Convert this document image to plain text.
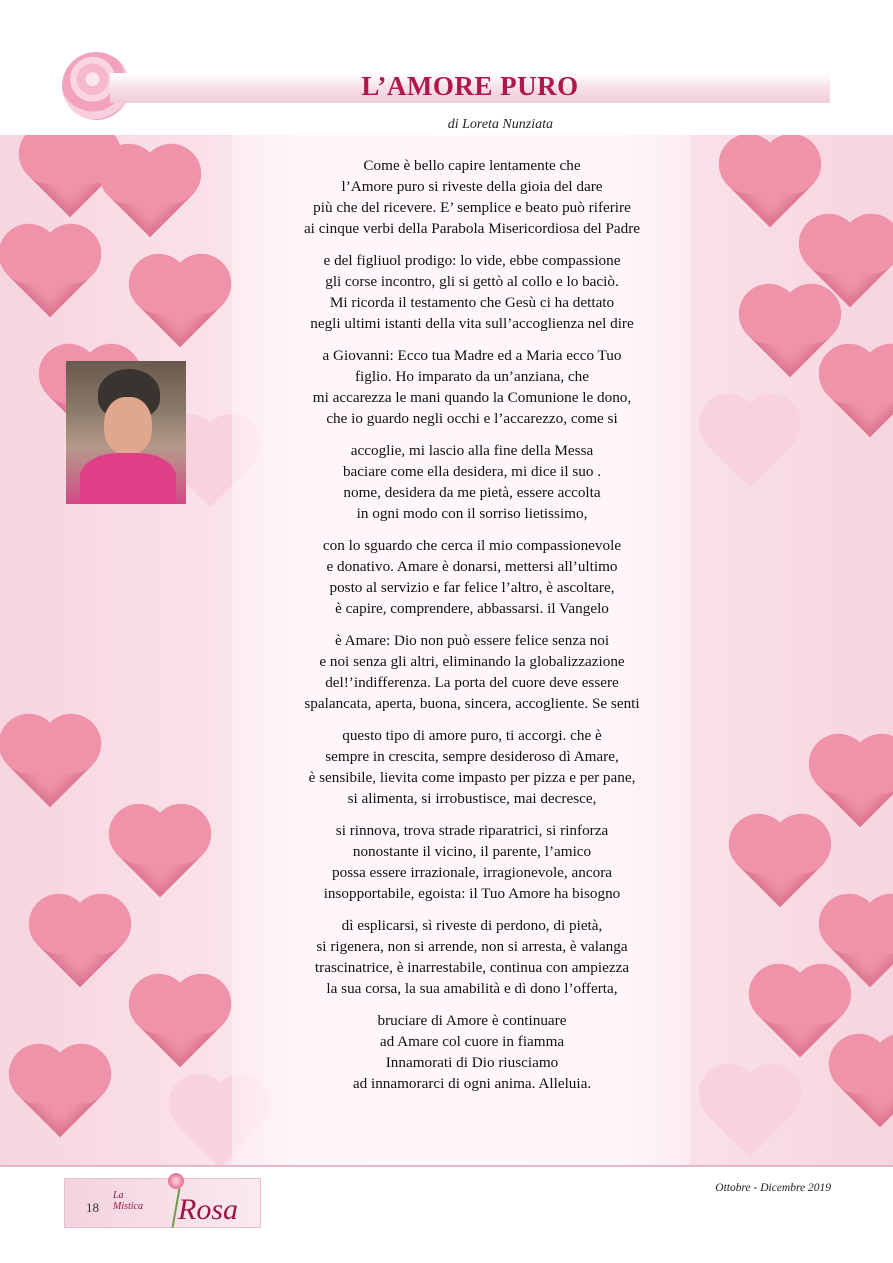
L’AMORE PURO

di Loreta Nunziata

Come è bello capire lentamente che
l’Amore puro si riveste della gioia del dare
più che del ricevere. E’ semplice e beato può riferire
ai cinque verbi della Parabola Misericordiosa del Padre

e del figliuol prodigo: lo vide, ebbe compassione
gli corse incontro, gli si gettò al collo e lo baciò.
Mi ricorda il testamento che Gesù ci ha dettato
negli ultimi istanti della vita sull’accoglienza nel dire

a Giovanni: Ecco tua Madre ed a Maria ecco Tuo
figlio. Ho imparato da un’anziana, che
mi accarezza le mani quando la Comunione le dono,
che io guardo negli occhi e l’accarezzo, come si

accoglie, mi lascio alla fine della Messa
baciare come ella desidera, mi dice il suo .
nome, desidera da me pietà, essere accolta
in ogni modo con il sorriso lietissimo,

con lo sguardo che cerca il mio compassionevole
e donativo. Amare è donarsi, mettersi all’ultimo
posto al servizio e far felice l’altro, è ascoltare,
è capire, comprendere, abbassarsi. il Vangelo

è Amare: Dio non può essere felice senza noi
e noi senza gli altri, eliminando la globalizzazione
del!’indifferenza. La porta del cuore deve essere
spalancata, aperta, buona, sincera, accogliente. Se senti

questo tipo di amore puro, ti accorgi. che è
sempre in crescita, sempre desideroso dì Amare,
è sensibile, lievita come impasto per pizza e per pane,
si alimenta, si irrobustisce, mai decresce,

si rinnova, trova strade riparatrici, si rinforza
nonostante il vicino, il parente, l’amico
possa essere irrazionale, irragionevole, ancora
insopportabile, egoista: il Tuo Amore ha bisogno

dì esplicarsi, sì riveste di perdono, di pietà,
si rigenera, non si arrende, non si arresta, è valanga
trascinatrice, è inarrestabile, continua con ampiezza
la sua corsa, la sua amabilità e dì dono l’offerta,

bruciare di Amore è continuare
ad Amare col cuore in fiamma
Innamorati di Dio riusciamo
ad innamorarci di ogni anima. Alleluia.

18
La
Mistica Rosa
Ottobre - Dicembre 2019
